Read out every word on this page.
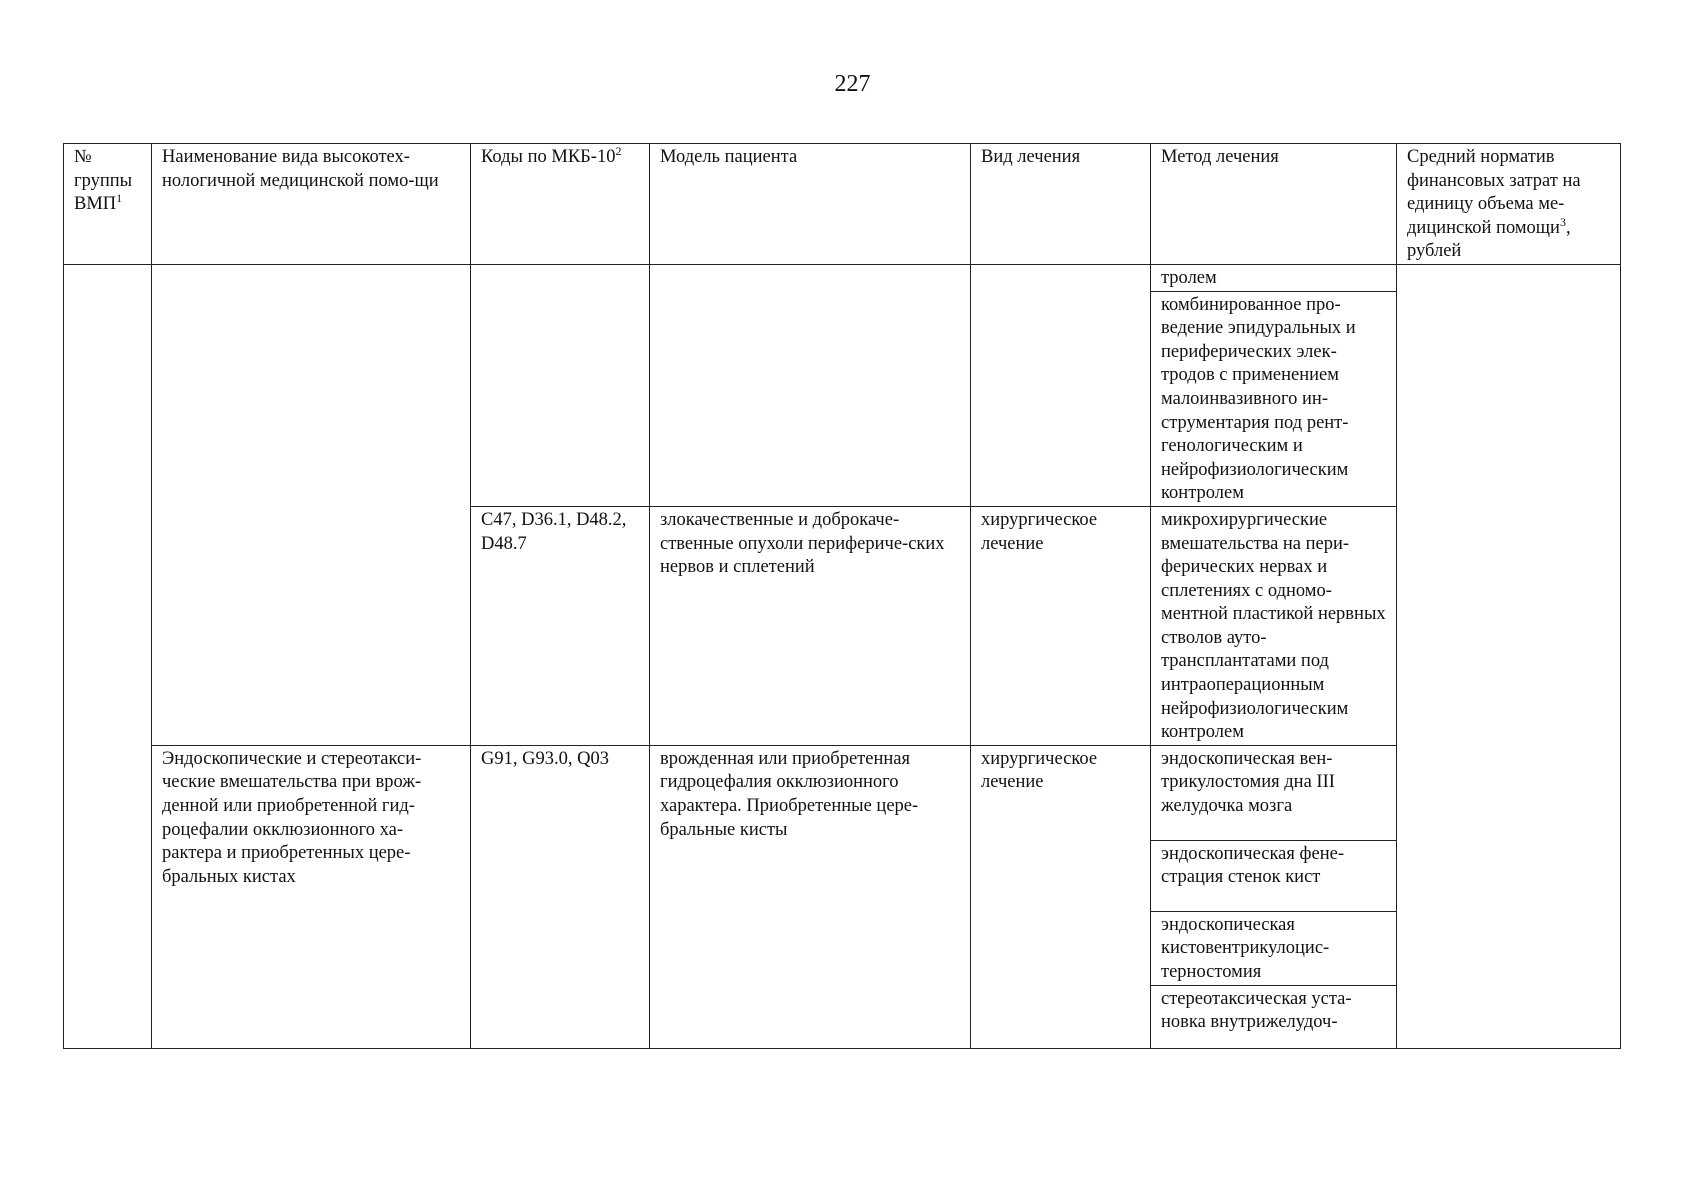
227
№ группы ВМП$^1$	Наименование вида высокотех-нологичной медицинской помо-щи	Коды по МКБ-$10^2$	Модель пациента	Вид лечения	Метод лечения	Средний норматив финансовых затрат на единицу объема ме-дицинской помощи$^3$, рублей
					тролем	
					комбинированное про-ведение эпидуральных и периферических элек-тродов с применением малоинвазивного ин-струментария под рент-генологическим и нейрофизиологическим контролем	
		C47, D36.1, D48.2, D48.7	злокачественные и доброкаче-ственные опухоли перифериче-ских нервов и сплетений	хирургическое лечение	микрохирургические вмешательства на пери-ферических нервах и сплетениях с одномо-ментной пластикой нервных стволов ауто-трансплантатами под интраоперационным нейрофизиологическим контролем	
	Эндоскопические и стереотакси-ческие вмешательства при врож-денной или приобретенной гид-роцефалии окклюзионного ха-рактера и приобретенных цере-бральных кистах	G91, G93.0, Q03	врожденная или приобретенная гидроцефалия окклюзионного характера. Приобретенные цере-бральные кисты	хирургическое лечение	эндоскопическая вен-трикулостомия дна III желудочка мозга	
					эндоскопическая фене-страция стенок кист	
					эндоскопическая кистовентрикулоцис-терностомия	
					стереотаксическая уста-новка внутрижелудоч-	
